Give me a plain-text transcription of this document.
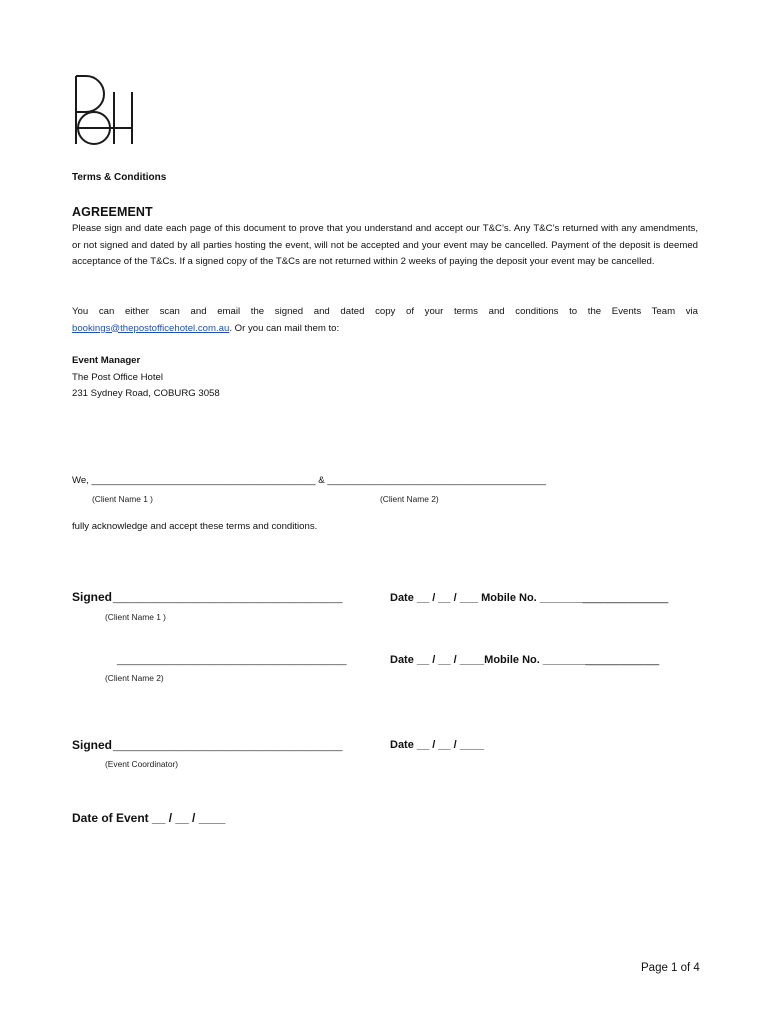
Terms & Conditions
AGREEMENT
Please sign and date each page of this document to prove that you understand and accept our T&C’s. Any T&C’s returned with any amendments, or not signed and dated by all parties hosting the event, will not be accepted and your event may be cancelled. Payment of the deposit is deemed acceptance of the T&Cs. If a signed copy of the T&Cs are not returned within 2 weeks of paying the deposit your event may be cancelled.
You can either scan and email the signed and dated copy of your terms and conditions to the Events Team via bookings@thepostofficehotel.com.au. Or you can mail them to:
Event Manager
The Post Office Hotel
231 Sydney Road, COBURG 3058
We, __________________________________________ & _________________________________________
(Client Name 1 )	(Client Name 2)
fully acknowledge and accept these terms and conditions.
Signed ___________________________________________	Date __ / __ / ___ Mobile No. _____________________
(Client Name 1 )
___________________________________________	Date __ / __ / ____Mobile No. ___________________
(Client Name 2)
Signed ___________________________________________	Date __ / __ / ____
(Event Coordinator)
Date of Event __ / __ / ____
Page 1 of 4
